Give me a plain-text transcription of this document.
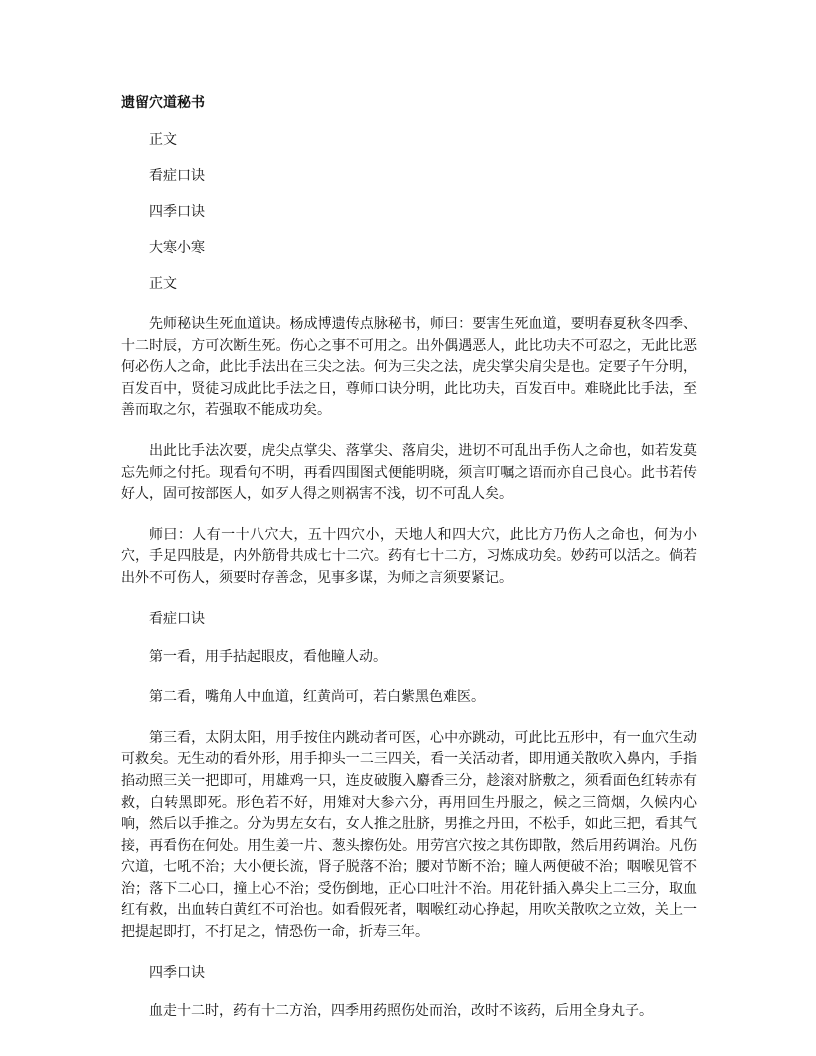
遗留穴道秘书
正文
看症口诀
四季口诀
大寒小寒
正文

先师秘诀生死血道诀。杨成博遗传点脉秘书，师曰：要害生死血道，要明春夏秋冬四季、十二时辰，方可次断生死。伤心之事不可用之。出外偶遇恶人，此比功夫不可忍之，无此比恶何必伤人之命，此比手法出在三尖之法。何为三尖之法，虎尖掌尖肩尖是也。定要子午分明，百发百中，贤徒习成此比手法之日，尊师口诀分明，此比功夫，百发百中。难晓此比手法，至善而取之尔，若强取不能成功矣。

出此比手法次要，虎尖点掌尖、落掌尖、落肩尖，进切不可乱出手伤人之命也，如若发莫忘先师之付托。现看句不明，再看四围图式便能明晓，须言叮嘱之语而亦自己良心。此书若传好人，固可按部医人，如歹人得之则祸害不浅，切不可乱人矣。

师曰：人有一十八穴大，五十四穴小，天地人和四大穴，此比方乃伤人之命也，何为小穴，手足四肢是，内外筋骨共成七十二穴。药有七十二方，习炼成功矣。妙药可以活之。倘若出外不可伤人，须要时存善念，见事多谋，为师之言须要紧记。

看症口诀

第一看，用手拈起眼皮，看他瞳人动。

第二看，嘴角人中血道，红黄尚可，若白紫黑色难医。

第三看，太阴太阳，用手按住内跳动者可医，心中亦跳动，可此比五形中，有一血穴生动可救矣。无生动的看外形，用手抑头一二三四关，看一关活动者，即用通关散吹入鼻内，手指掐动照三关一把即可，用雄鸡一只，连皮破腹入麝香三分，趁滚对脐敷之，须看面色红转赤有救，白转黑即死。形色若不好，用雉对大参六分，再用回生丹服之，候之三筒烟，久候内心响，然后以手推之。分为男左女右，女人推之肚脐，男推之丹田，不松手，如此三把，看其气接，再看伤在何处。用生姜一片、葱头擦伤处。用劳宫穴按之其伤即散，然后用药调治。凡伤穴道，七吼不治；大小便长流，肾子脱落不治；腰对节断不治；瞳人两便破不治；咽喉见管不治；落下二心口，撞上心不治；受伤倒地，正心口吐汁不治。用花针插入鼻尖上二三分，取血红有救，出血转白黄红不可治也。如看假死者，咽喉红动心挣起，用吹关散吹之立效，关上一把提起即打，不打足之，情恐伤一命，折寿三年。

四季口诀

血走十二时，药有十二方治，四季用药照伤处而治，改时不该药，后用全身丸子。
